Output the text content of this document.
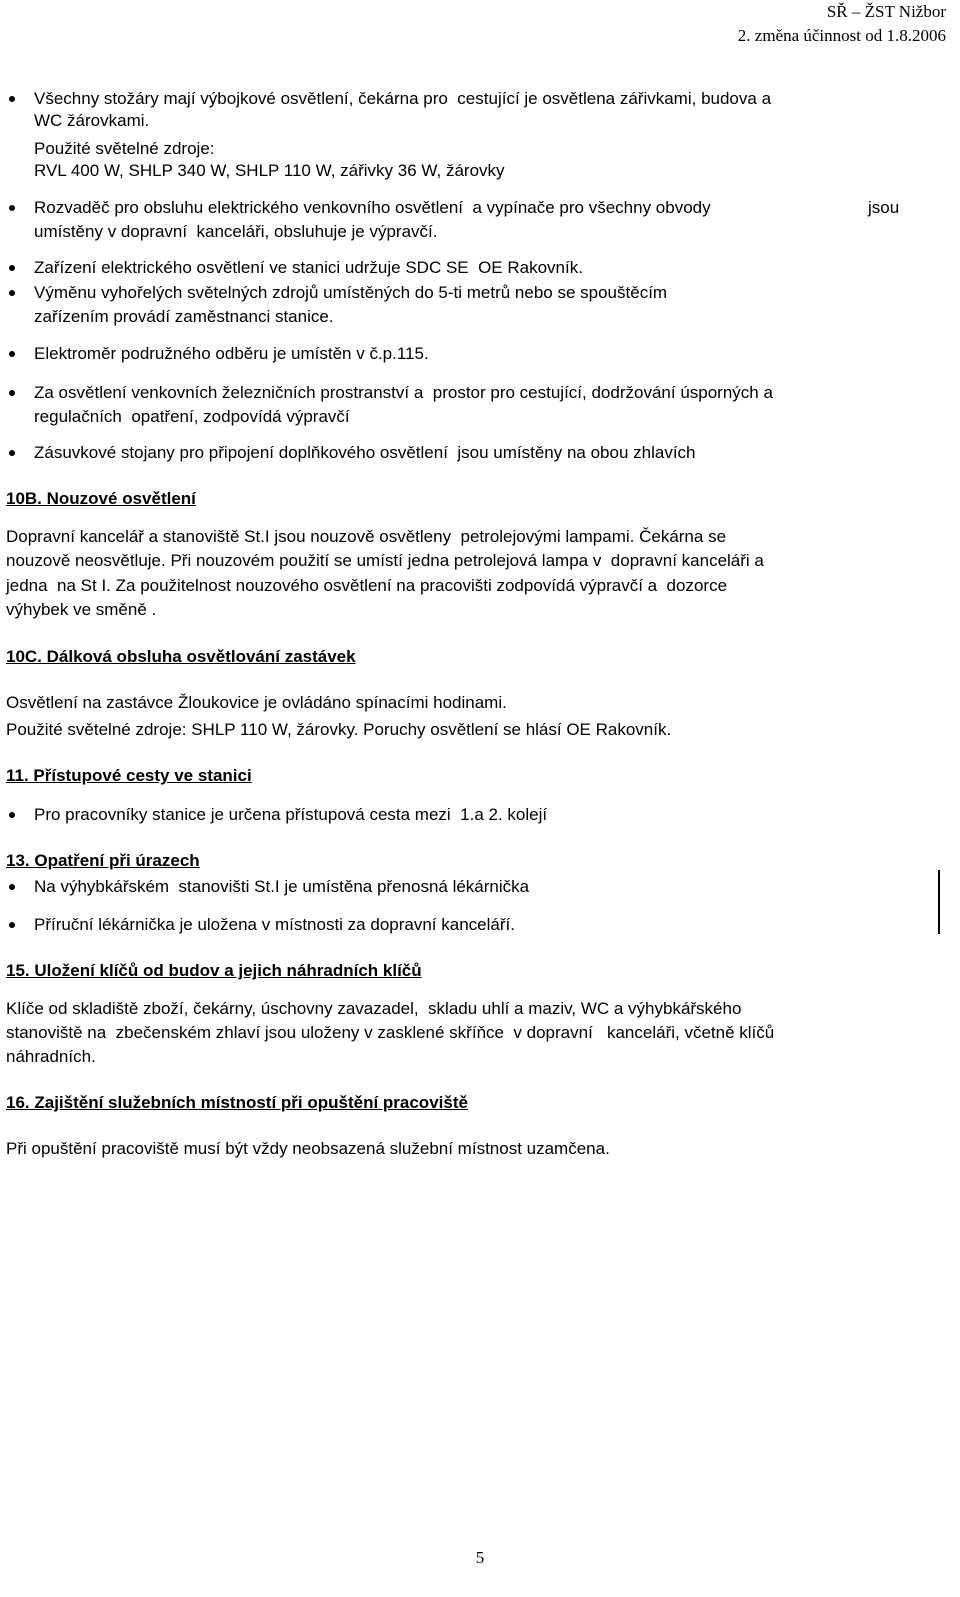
SŘ – ŽST Nižbor
2. změna účinnost od 1.8.2006
Všechny stožáry mají výbojkové osvětlení, čekárna pro  cestující je osvětlena zářivkami, budova a
WC žárovkami.
Použité světelné zdroje:
RVL 400 W, SHLP 340 W, SHLP 110 W, zářivky 36 W, žárovky
Rozvaděč pro obsluhu elektrického venkovního osvětlení  a vypínače pro všechny obvody	jsou
umístěny v dopravní  kanceláři, obsluhuje je výpravčí.
Zařízení elektrického osvětlení ve stanici udržuje SDC SE  OE Rakovník.
Výměnu vyhořelých světelných zdrojů umístěných do 5-ti metrů nebo se spouštěcím
zařízením provádí zaměstnanci stanice.
Elektroměr podružného odběru je umístěn v č.p.115.
Za osvětlení venkovních železničních prostranství a  prostor pro cestující, dodržování úsporných a
regulačních  opatření, zodpovídá výpravčí
Zásuvkové stojany pro připojení doplňkového osvětlení  jsou umístěny na obou zhlavích
10B. Nouzové osvětlení
Dopravní kancelář a stanoviště St.I jsou nouzově osvětleny  petrolejovými lampami. Čekárna se
nouzově neosvětluje. Při nouzovém použití se umístí jedna petrolejová lampa v  dopravní kanceláři a
jedna  na St I. Za použitelnost nouzového osvětlení na pracovišti zodpovídá výpravčí a  dozorce
výhybek ve směně .
10C. Dálková obsluha osvětlování zastávek
Osvětlení na zastávce Žloukovice je ovládáno spínacími hodinami.
Použité světelné zdroje: SHLP 110 W, žárovky. Poruchy osvětlení se hlásí OE Rakovník.
11. Přístupové cesty ve stanici
Pro pracovníky stanice je určena přístupová cesta mezi  1.a 2. kolejí
13. Opatření při úrazech
Na výhybkářském  stanovišti St.I je umístěna přenosná lékárnička
Příruční lékárnička je uložena v místnosti za dopravní kanceláří.
15. Uložení klíčů od budov a jejich náhradních klíčů
Klíče od skladiště zboží, čekárny, úschovny zavazadel,  skladu uhlí a maziv, WC a výhybkářského
stanoviště na  zbečenském zhlaví jsou uloženy v zasklené skříňce  v dopravní   kanceláři, včetně klíčů
náhradních.
16. Zajištění služebních místností při opuštění pracoviště
Při opuštění pracoviště musí být vždy neobsazená služební místnost uzamčena.
5
